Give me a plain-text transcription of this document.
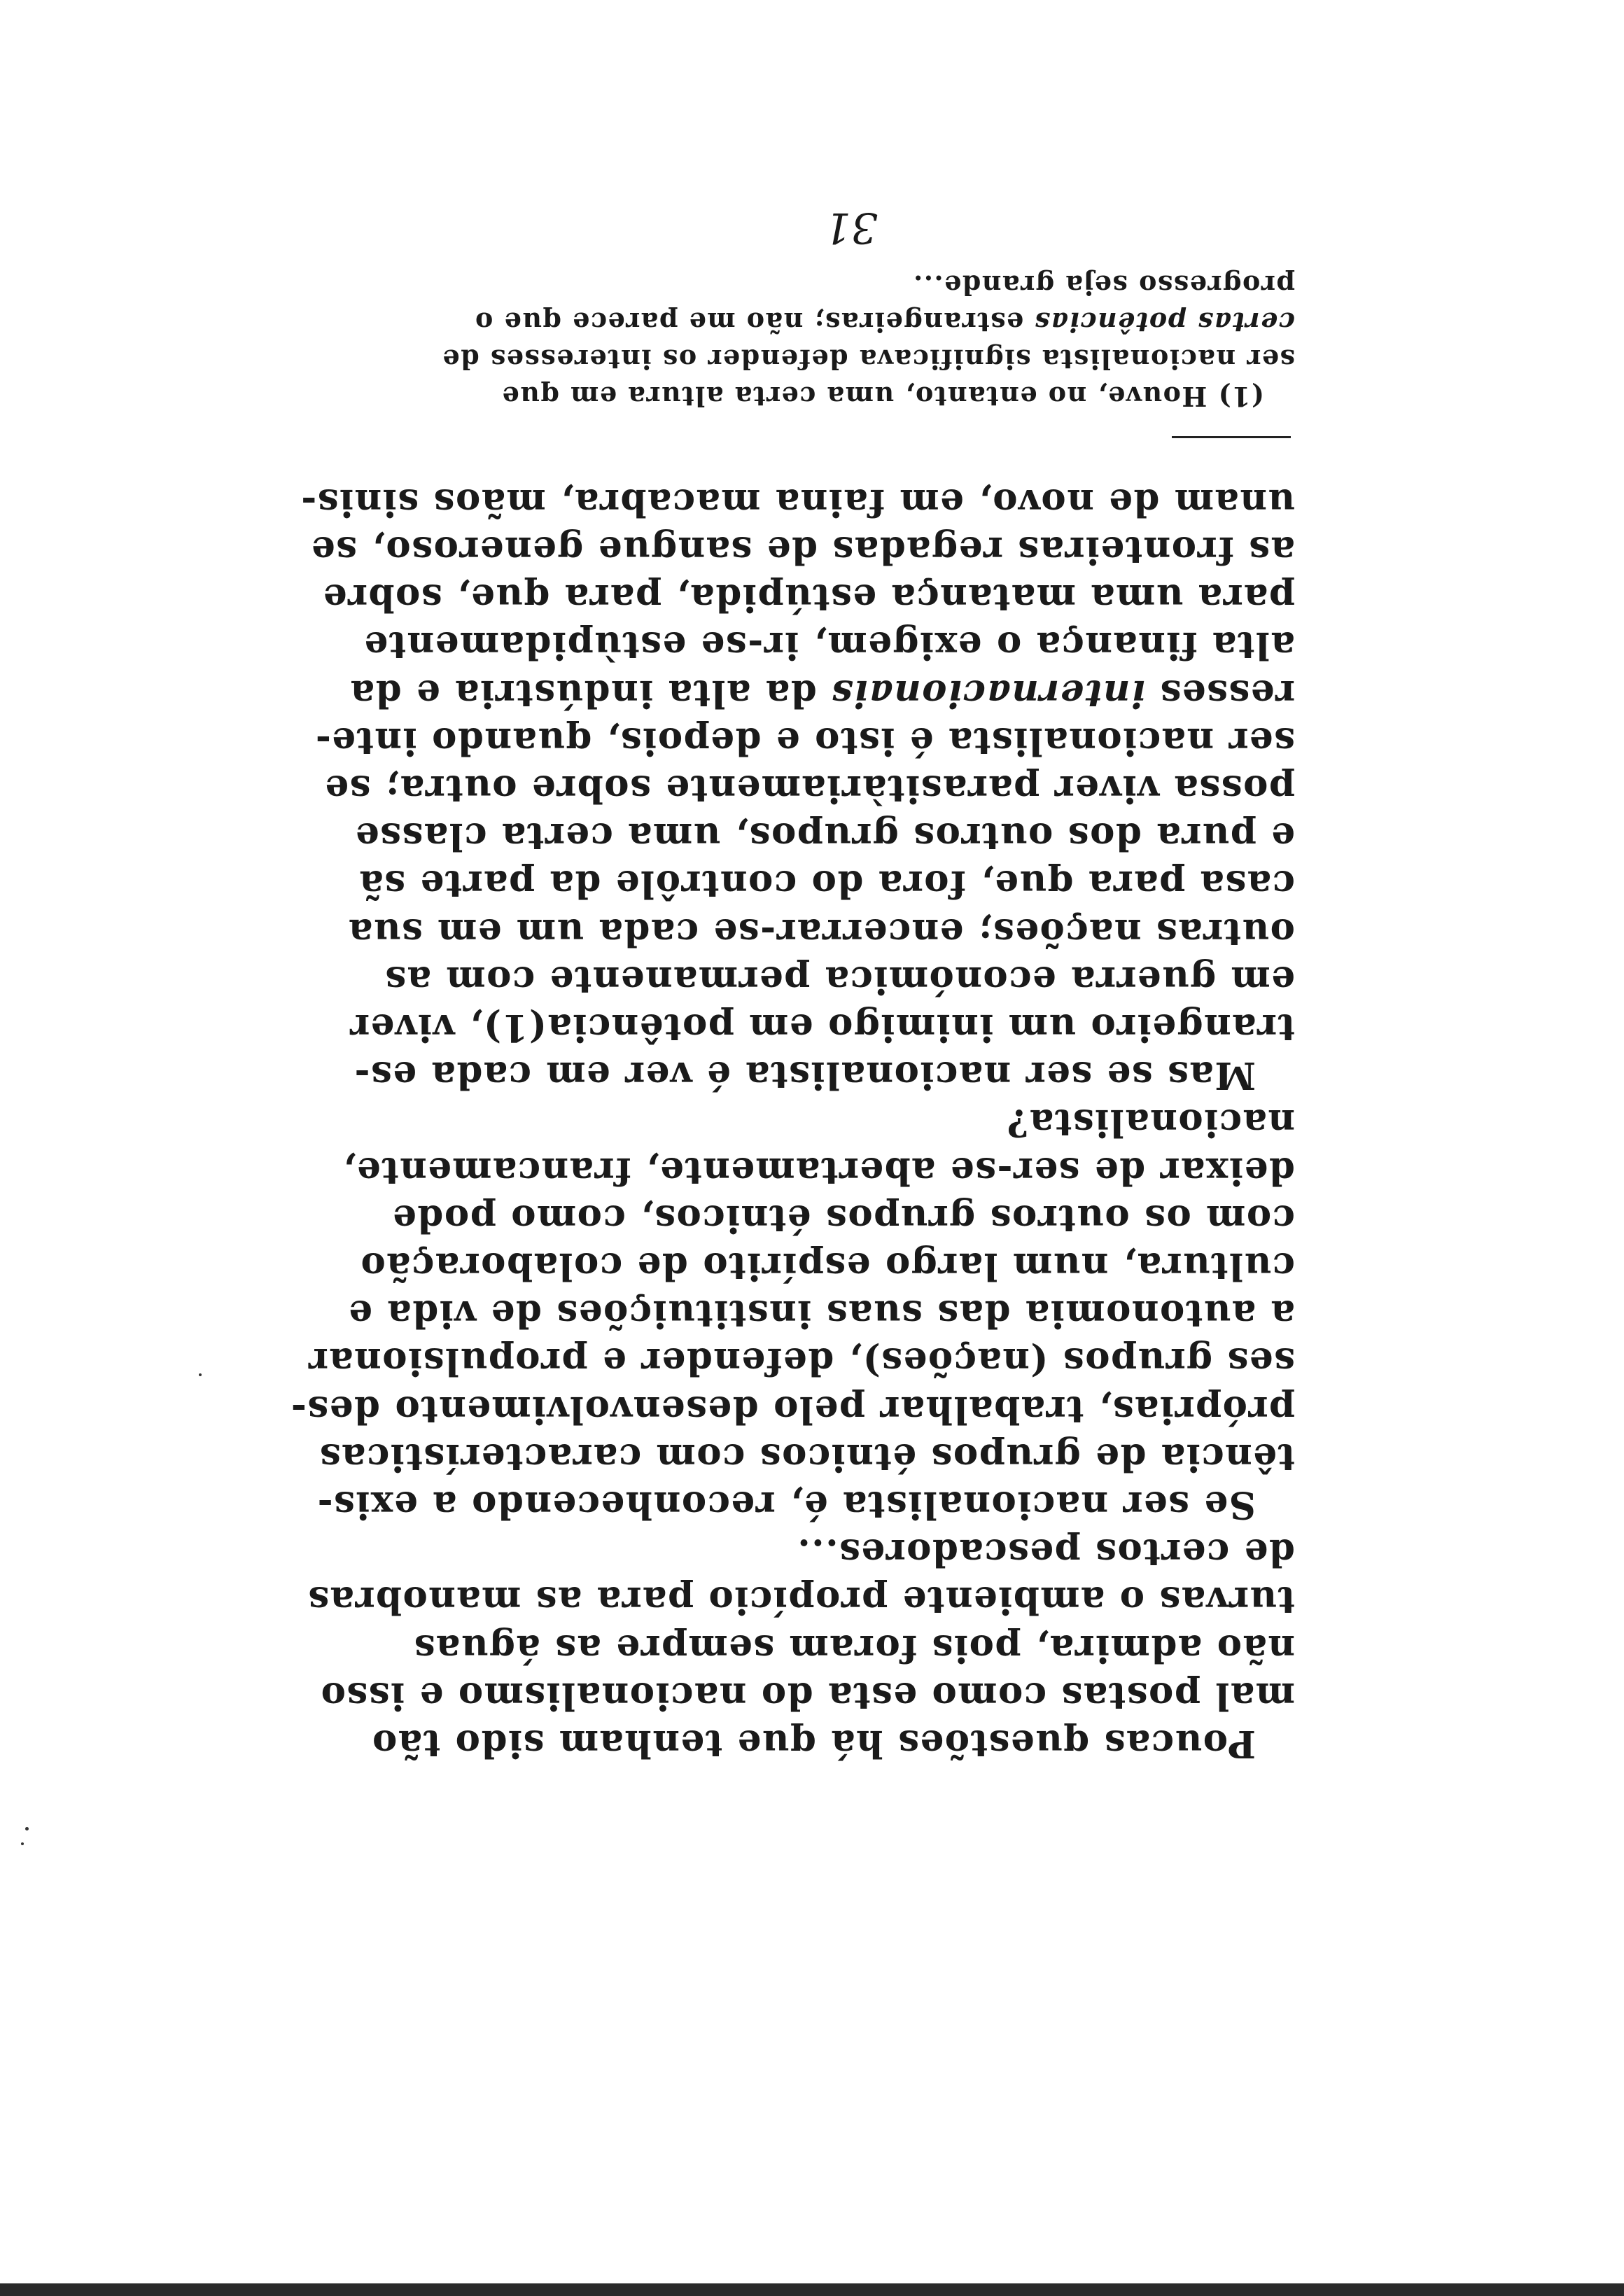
Poucas questões há que tenham sido tão
mal postas como esta do nacionalismo e isso
não admira, pois foram sempre as águas
turvas o ambiente propício para as manobras
de certos pescadores...

Se ser nacionalista é, reconhecendo a exis-
tência de grupos étnicos com características
próprias, trabalhar pelo desenvolvimento des-
ses grupos (nações), defender e propulsionar
a autonomia das suas instituições de vida e
cultura, num largo espírito de colaboração
com os outros grupos étnicos, como pode
deixar de ser-se abertamente, francamente,
nacionalista?

Mas se ser nacionalista é ver em cada es-
trangeiro um inimigo em potência(1), viver
em guerra económica permanente com as
outras nações; encerrar-se cada um em sua
casa para que, fora do contrôle da parte sã
e pura dos outros grupos, uma certa classe
possa viver parasitàriamente sobre outra; se
ser nacionalista é isto e depois, quando inte-
resses internacionais da alta indústria e da
alta finança o exigem, ir-se estùpidamente
para uma matança estúpida, para que, sobre
as fronteiras regadas de sangue generoso, se
unam de novo, em faina macabra, mãos sinis-

(1) Houve, no entanto, uma certa altura em que
ser nacionalista significava defender os interesses de
certas potências estrangeiras; não me parece que o
progresso seja grande...
31
